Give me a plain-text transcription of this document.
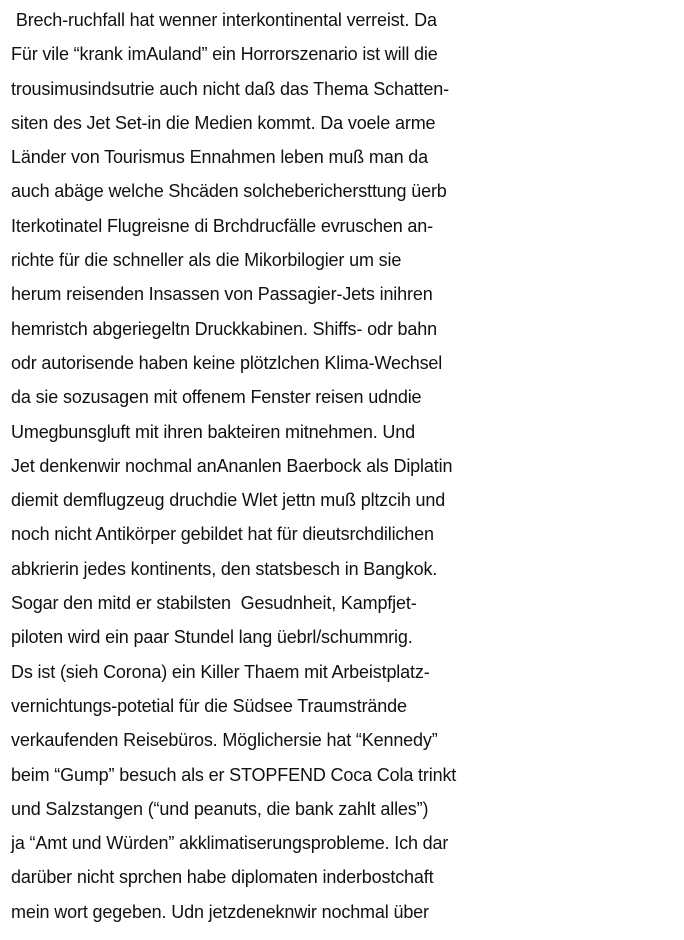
Brech-ruchfall hat wenner interkontinental verreist. Da
Für vile “krank imAuland” ein Horrorszenario ist will die
trousimusindsutrie auch nicht daß das Thema Schatten-
siten des Jet Set-in die Medien kommt. Da voele arme
Länder von Tourismus Ennahmen leben muß man da
auch abäge welche Shcäden solcheberichersttung üerb
Iterkotinatel Flugreisne di Brchdrucfälle evruschen an-
richte für die schneller als die Mikorbilogier um sie
herum reisenden Insassen von Passagier-Jets inihren
hemristch abgeriegeltn Druckkabinen. Shiffs- odr bahn
odr autorisende haben keine plötzlchen Klima-Wechsel
da sie sozusagen mit offenem Fenster reisen udndie
Umegbunsgluft mit ihren bakteiren mitnehmen. Und
Jet denkenwir nochmal anAnanlen Baerbock als Diplatin
diemit demflugzeug druchdie Wlet jettn muß pltzcih und
noch nicht Antikörper gebildet hat für dieutsrchdilichen
abkrierin jedes kontinents, den statsbesch in Bangkok.
Sogar den mitd er stabilsten  Gesudnheit, Kampfjet-
piloten wird ein paar Stundel lang üebrl/schummrig.
Ds ist (sieh Corona) ein Killer Thaem mit Arbeistplatz-
vernichtungs-potetial für die Südsee Traumstrände
verkaufenden Reisebüros. Möglichersie hat “Kennedy”
beim “Gump” besuch als er STOPFEND Coca Cola trinkt
und Salzstangen (“und peanuts, die bank zahlt alles”)
ja “Amt und Würden” akklimatiserungsprobleme. Ich dar
darüber nicht sprchen habe diplomaten inderbostchaft
mein wort gegeben. Udn jetzdeneknwir nochmal über
